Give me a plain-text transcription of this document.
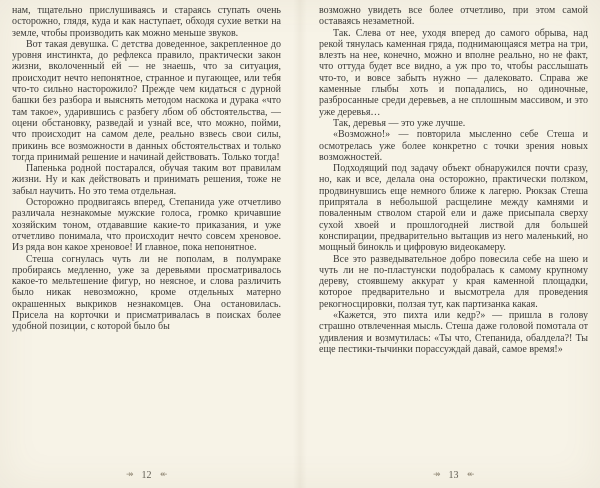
нам, тщательно прислушиваясь и стараясь ступать очень осторожно, глядя, куда и как наступает, обходя сухие ветки на земле, чтобы производить как можно меньше звуков.

Вот такая девушка. С детства доведенное, закрепленное до уровня инстинкта, до рефлекса правило, практически закон жизни, вколоченный ей — не знаешь, что за ситуация, происходит нечто непонятное, странное и пугающее, или тебя что-то сильно насторожило? Прежде чем кидаться с дурной башки без разбора и выяснять методом наскока и дурака «что там такое», ударившись с разбегу лбом об обстоятельства, — оцени обстановку, разведай и узнай все, что можно, пойми, что происходит на самом деле, реально взвесь свои силы, прикинь все возможности в данных обстоятельствах и только тогда принимай решение и начинай действовать. Только тогда!

Папенька родной постарался, обучая таким вот правилам жизни. Ну и как действовать и принимать решения, тоже не забыл научить. Но это тема отдельная.

Осторожно продвигаясь вперед, Степанида уже отчетливо различала незнакомые мужские голоса, громко кричавшие хозяйским тоном, отдававшие какие-то приказания, и уже отчетливо понимала, что происходит нечто совсем хреновое. Из ряда вон какое хреновое! И главное, пока непонятное.

Стеша согнулась чуть ли не пополам, в полумраке пробираясь медленно, уже за деревьями просматривалось какое-то мельтешение фигур, но неясное, и слова различить было никак невозможно, кроме отдельных матерно окрашенных выкриков незнакомцев. Она остановилась. Присела на корточки и присматривалась в поисках более удобной позиции, с которой было бы

↠ 12 ↠

возможно увидеть все более отчетливо, при этом самой оставаясь незаметной.

Так. Слева от нее, уходя вперед до самого обрыва, над рекой тянулась каменная гряда, поднимающаяся метра на три, влезть на нее, конечно, можно и вполне реально, но не факт, что оттуда будет все видно, а уж про то, чтобы расслышать что-то, и вовсе забыть нужно — далековато. Справа же каменные глыбы хоть и попадались, но одиночные, разбросанные среди деревьев, а не сплошным массивом, и это уже деревья…

Так, деревья — это уже лучше.

«Возможно!» — повторила мысленно себе Стеша и осмотрелась уже более конкретно с точки зрения новых возможностей.

Подходящий под задачу объект обнаружился почти сразу, но, как и все, делала она осторожно, практически ползком, продвинувшись еще немного ближе к лагерю. Рюкзак Стеша припрятала в небольшой расщелине между камнями и поваленным стволом старой ели и даже присыпала сверху сухой хвоей и прошлогодней листвой для большей конспирации, предварительно вытащив из него маленький, но мощный бинокль и цифровую видеокамеру.

Все это разведывательное добро повесила себе на шею и чуть ли не по-пластунски подобралась к самому крупному дереву, стоявшему аккурат у края каменной площадки, которое предварительно и высмотрела для проведения рекогносцировки, ползая тут, как партизанка какая.

«Кажется, это пихта или кедр?» — пришла в голову страшно отвлеченная мысль. Стеша даже головой помотала от удивления и возмутилась: «Ты что, Степанида, обалдела?! Ты еще пестики-тычинки порассуждай давай, самое время!»

↠ 13 ↠
